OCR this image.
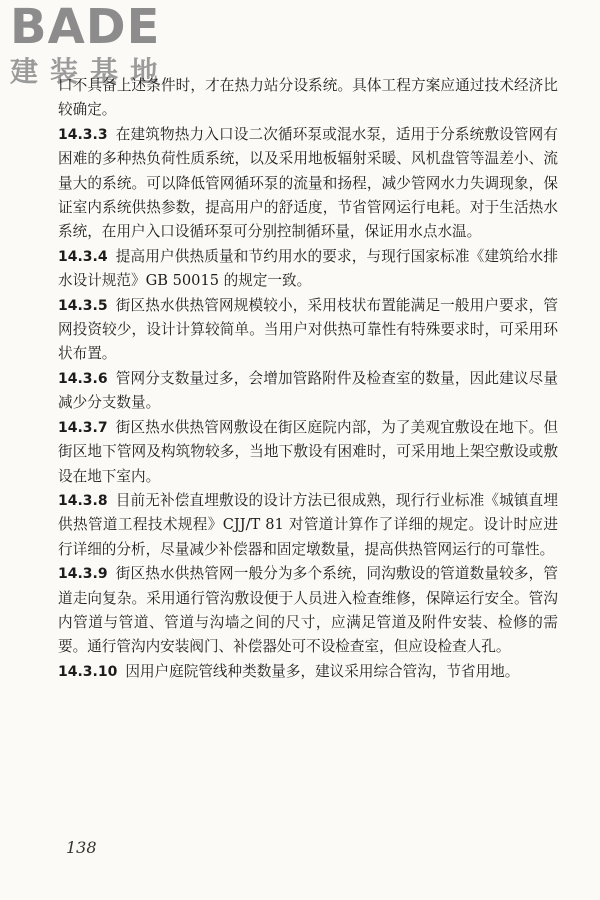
BADE
建装基地

口不具备上述条件时，才在热力站分设系统。具体工程方案应通过技术经济比较确定。

14.3.3 在建筑物热力入口设二次循环泵或混水泵，适用于分系统敷设管网有困难的多种热负荷性质系统，以及采用地板辐射采暖、风机盘管等温差小、流量大的系统。可以降低管网循环泵的流量和扬程，减少管网水力失调现象，保证室内系统供热参数，提高用户的舒适度，节省管网运行电耗。对于生活热水系统，在用户入口设循环泵可分别控制循环量，保证用水点水温。

14.3.4 提高用户供热质量和节约用水的要求，与现行国家标准《建筑给水排水设计规范》GB 50015 的规定一致。

14.3.5 街区热水供热管网规模较小，采用枝状布置能满足一般用户要求，管网投资较少，设计计算较简单。当用户对供热可靠性有特殊要求时，可采用环状布置。

14.3.6 管网分支数量过多，会增加管路附件及检查室的数量，因此建议尽量减少分支数量。

14.3.7 街区热水供热管网敷设在街区庭院内部，为了美观宜敷设在地下。但街区地下管网及构筑物较多，当地下敷设有困难时，可采用地上架空敷设或敷设在地下室内。

14.3.8 目前无补偿直埋敷设的设计方法已很成熟，现行行业标准《城镇直埋供热管道工程技术规程》CJJ/T 81 对管道计算作了详细的规定。设计时应进行详细的分析，尽量减少补偿器和固定墩数量，提高供热管网运行的可靠性。

14.3.9 街区热水供热管网一般分为多个系统，同沟敷设的管道数量较多，管道走向复杂。采用通行管沟敷设便于人员进入检查维修，保障运行安全。管沟内管道与管道、管道与沟墙之间的尺寸，应满足管道及附件安装、检修的需要。通行管沟内安装阀门、补偿器处可不设检查室，但应设检查人孔。

14.3.10 因用户庭院管线种类数量多，建议采用综合管沟，节省用地。

138
